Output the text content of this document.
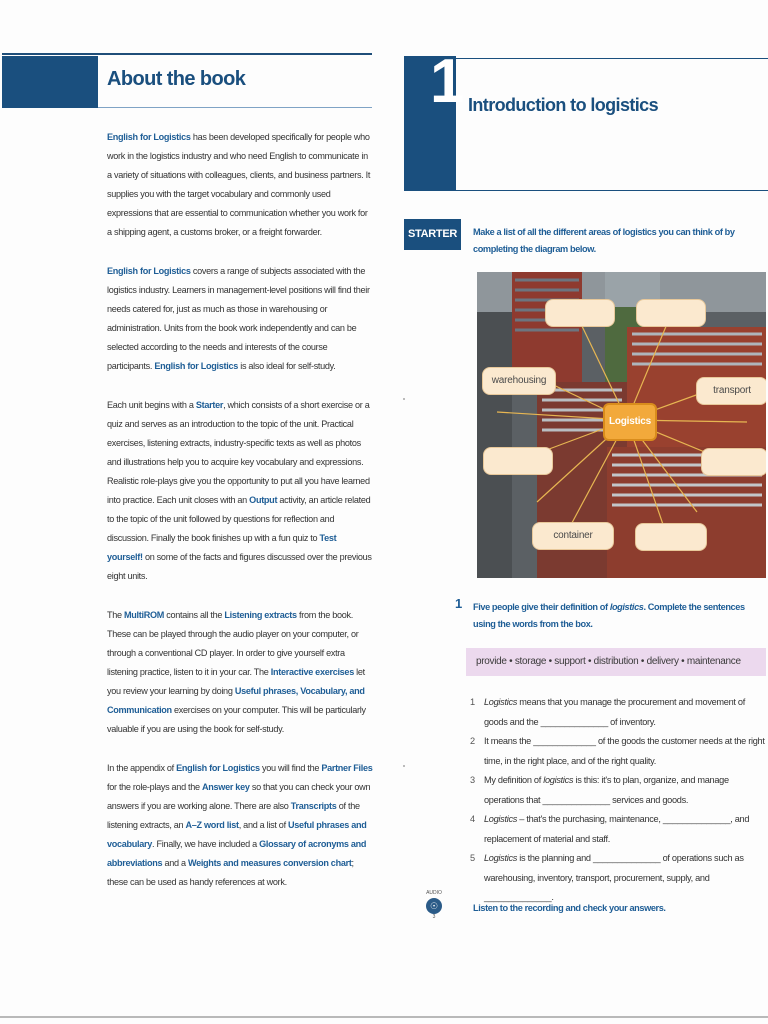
About the book

English for Logistics has been developed specifically for people who work in the logistics industry and who need English to communicate in a variety of situations with colleagues, clients, and business partners. It supplies you with the target vocabulary and commonly used expressions that are essential to communication whether you work for a shipping agent, a customs broker, or a freight forwarder.

English for Logistics covers a range of subjects associated with the logistics industry. Learners in management-level positions will find their needs catered for, just as much as those in warehousing or administration. Units from the book work independently and can be selected according to the needs and interests of the course participants. English for Logistics is also ideal for self-study.

Each unit begins with a Starter, which consists of a short exercise or a quiz and serves as an introduction to the topic of the unit. Practical exercises, listening extracts, industry-specific texts as well as photos and illustrations help you to acquire key vocabulary and expressions. Realistic role-plays give you the opportunity to put all you have learned into practice. Each unit closes with an Output activity, an article related to the topic of the unit followed by questions for reflection and discussion. Finally the book finishes up with a fun quiz to Test yourself! on some of the facts and figures discussed over the previous eight units.

The MultiROM contains all the Listening extracts from the book. These can be played through the audio player on your computer, or through a conventional CD player. In order to give yourself extra listening practice, listen to it in your car. The Interactive exercises let you review your learning by doing Useful phrases, Vocabulary, and Communication exercises on your computer. This will be particularly valuable if you are using the book for self-study.

In the appendix of English for Logistics you will find the Partner Files for the role-plays and the Answer key so that you can check your own answers if you are working alone. There are also Transcripts of the listening extracts, an A–Z word list, and a list of Useful phrases and vocabulary. Finally, we have included a Glossary of acronyms and abbreviations and a Weights and measures conversion chart; these can be used as handy references at work.

1 Introduction to logistics
STARTER	Make a list of all the different areas of logistics you can think of by completing the diagram below.
warehousing
transport
Logistics
container
1 Five people give their definition of logistics. Complete the sentences using the words from the box.
provide • storage • support • distribution • delivery • maintenance
1 Logistics means that you manage the procurement and movement of goods and the ______________ of inventory.
2 It means the _____________ of the goods the customer needs at the right time, in the right place, and of the right quality.
3 My definition of logistics is this: it's to plan, organize, and manage operations that ______________ services and goods.
4 Logistics – that's the purchasing, maintenance, ______________, and replacement of material and staff.
5 Logistics is the planning and ______________ of operations such as warehousing, inventory, transport, procurement, supply, and ______________.
AUDIO
☉
3
Listen to the recording and check your answers.
